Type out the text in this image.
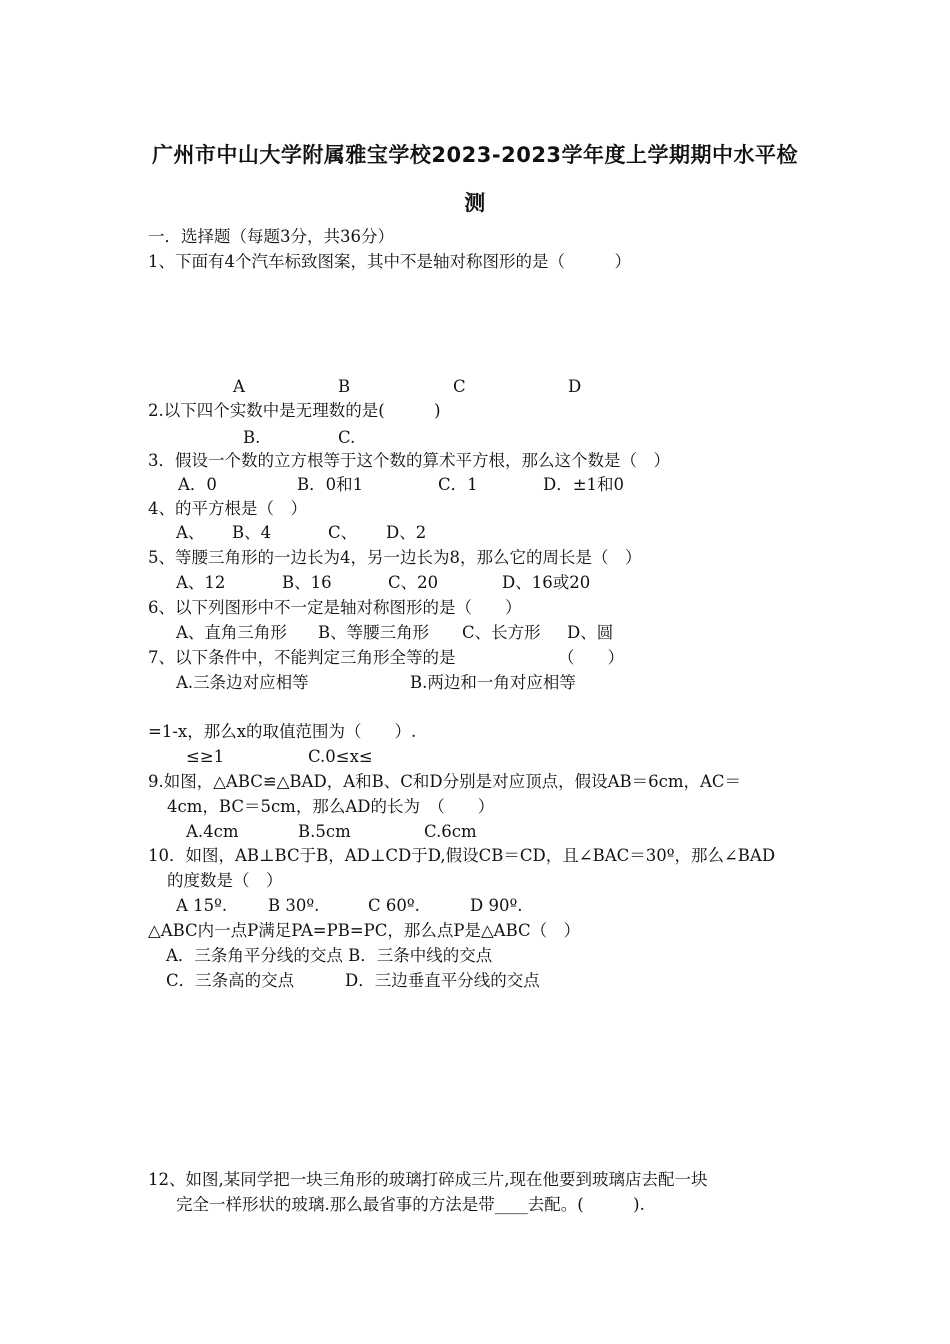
广州市中山大学附属雅宝学校2023-2023学年度上学期期中水平检
测
一．选择题（每题3分，共36分）
1、下面有4个汽车标致图案，其中不是轴对称图形的是（　　　）
A	B	C	D
2.以下四个实数中是无理数的是(　　　)
B.	C.
3．假设一个数的立方根等于这个数的算术平方根，那么这个数是（　）
A．0	B．0和1	C．1	D．±1和0
4、的平方根是（　）
A、 B、4	C、 D、2
5、等腰三角形的一边长为4，另一边长为8，那么它的周长是（　）
A、12	B、16	C、20	D、16或20
6、以下列图形中不一定是轴对称图形的是（　　）
A、直角三角形 B、等腰三角形 C、长方形 D、圆
7、以下条件中，不能判定三角形全等的是	（　　）
A.三条边对应相等	B.两边和一角对应相等
=1-x，那么x的取值范围为（　　）.
≤≥1	C.0≤x≤
9.如图，△ABC≌△BAD，A和B、C和D分别是对应顶点，假设AB＝6cm，AC＝
4cm，BC＝5cm，那么AD的长为　（　　）
A.4cm	B.5cm	C.6cm
10．如图，AB⊥BC于B，AD⊥CD于D,假设CB＝CD，且∠BAC＝30º，那么∠BAD
的度数是（　）
A 15º. B 30º.	C 60º.	D 90º.
△ABC内一点P满足PA=PB=PC，那么点P是△ABC（　）
A．三条角平分线的交点 B．三条中线的交点
C．三条高的交点	D．三边垂直平分线的交点
12、如图,某同学把一块三角形的玻璃打碎成三片,现在他要到玻璃店去配一块
完全一样形状的玻璃.那么最省事的方法是带____去配。(　　　).
